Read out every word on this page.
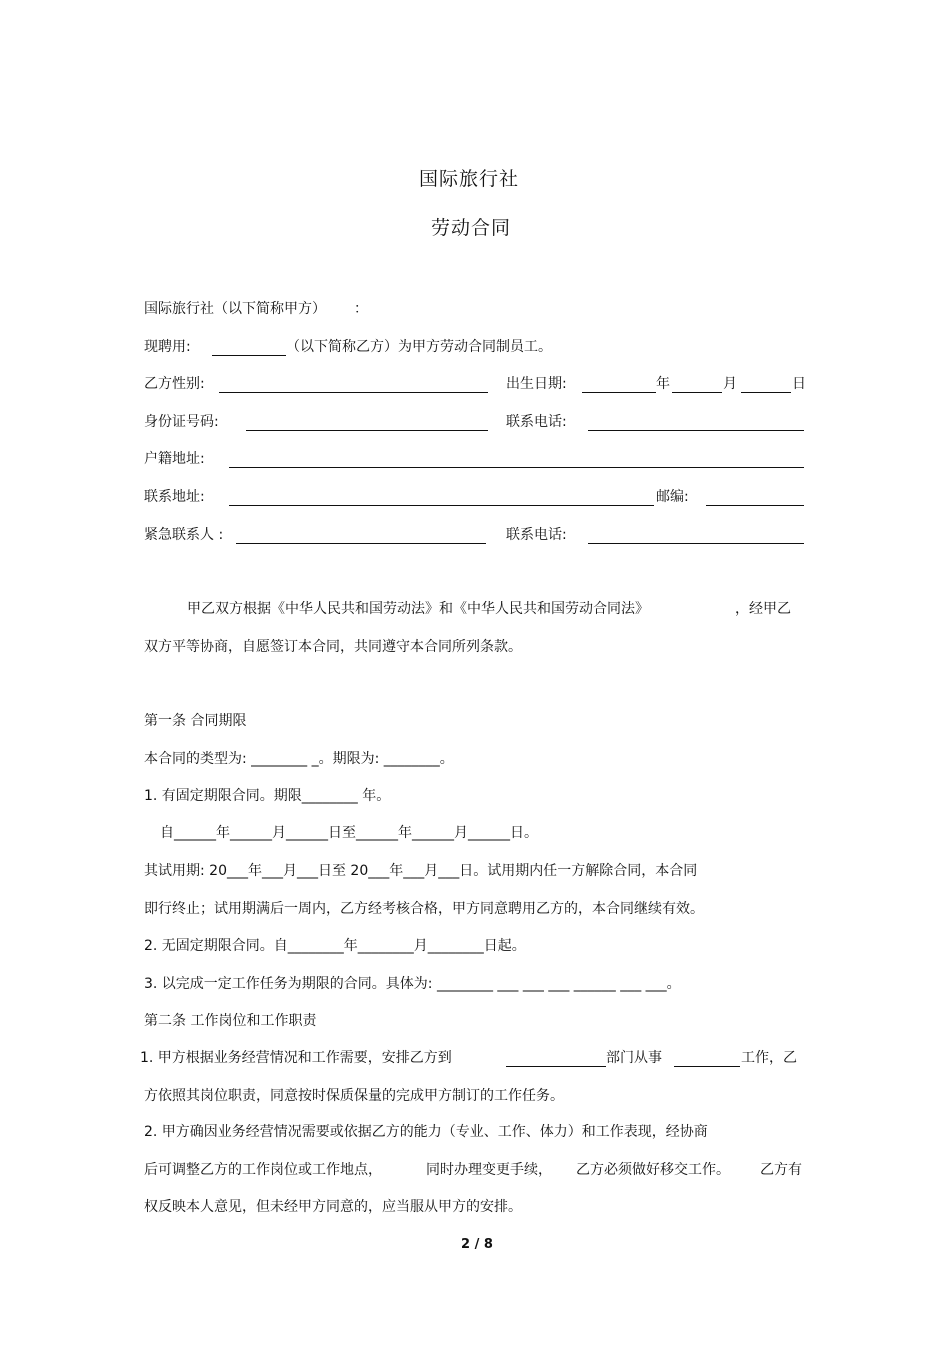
国际旅行社
劳动合同
国际旅行社（以下简称甲方） ：
现聘用:	（以下简称乙方）为甲方劳动合同制员工。
乙方性别:	出生日期:	年	月	日
身份证号码:	联系电话:
户籍地址:
联系地址:	邮编:
紧急联系人 :	联系电话:
甲乙双方根据《中华人民共和国劳动法》和《中华人民共和国劳动合同法》	，经甲乙
双方平等协商，自愿签订本合同，共同遵守本合同所列条款。
第一条 合同期限
本合同的类型为: ________ _。期限为: ________。
1. 有固定期限合同。期限________ 年。
自______年______月______日至______年______月______日。
其试用期: 20___年___月___日至 20___年___月___日。试用期内任一方解除合同，本合同
即行终止；试用期满后一周内，乙方经考核合格，甲方同意聘用乙方的，本合同继续有效。
2. 无固定期限合同。自________年________月________日起。
3. 以完成一定工作任务为期限的合同。具体为: ________ ___ ___ ___ ______ ___ ___。
第二条 工作岗位和工作职责
1. 甲方根据业务经营情况和工作需要，安排乙方到	部门从事	工作，乙
方依照其岗位职责，同意按时保质保量的完成甲方制订的工作任务。
2. 甲方确因业务经营情况需要或依据乙方的能力（专业、工作、体力）和工作表现，经协商
后可调整乙方的工作岗位或工作地点，	同时办理变更手续， 乙方必须做好移交工作。 乙方有
权反映本人意见，但未经甲方同意的，应当服从甲方的安排。
2 / 8
